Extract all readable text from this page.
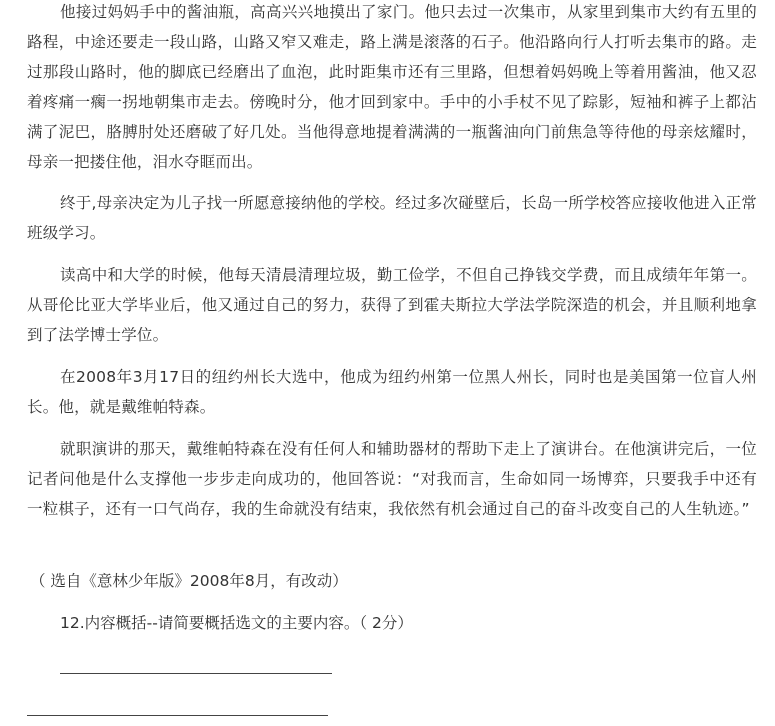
他接过妈妈手中的酱油瓶，高高兴兴地摸出了家门。他只去过一次集市，从家里到集市大约有五里的路程，中途还要走一段山路，山路又窄又难走，路上满是滚落的石子。他沿路向行人打听去集市的路。走过那段山路时，他的脚底已经磨出了血泡，此时距集市还有三里路，但想着妈妈晚上等着用酱油，他又忍着疼痛一瘸一拐地朝集市走去。傍晚时分，他才回到家中。手中的小手杖不见了踪影，短袖和裤子上都沾满了泥巴，胳膊肘处还磨破了好几处。当他得意地提着满满的一瓶酱油向门前焦急等待他的母亲炫耀时，母亲一把搂住他，泪水夺眶而出。

终于,母亲决定为儿子找一所愿意接纳他的学校。经过多次碰壁后，长岛一所学校答应接收他进入正常班级学习。

读高中和大学的时候，他每天清晨清理垃圾，勤工俭学，不但自己挣钱交学费，而且成绩年年第一。从哥伦比亚大学毕业后，他又通过自己的努力，获得了到霍夫斯拉大学法学院深造的机会，并且顺利地拿到了法学博士学位。

在2008年3月17日的纽约州长大选中，他成为纽约州第一位黑人州长，同时也是美国第一位盲人州长。他，就是戴维帕特森。

就职演讲的那天，戴维帕特森在没有任何人和辅助器材的帮助下走上了演讲台。在他演讲完后，一位记者问他是什么支撑他一步步走向成功的，他回答说：“对我而言，生命如同一场博弈，只要我手中还有一粒棋子，还有一口气尚存，我的生命就没有结束，我依然有机会通过自己的奋斗改变自己的人生轨迹。”

（ 选自《意林少年版》2008年8月，有改动）

12.内容概括--请简要概括选文的主要内容。（ 2分）
